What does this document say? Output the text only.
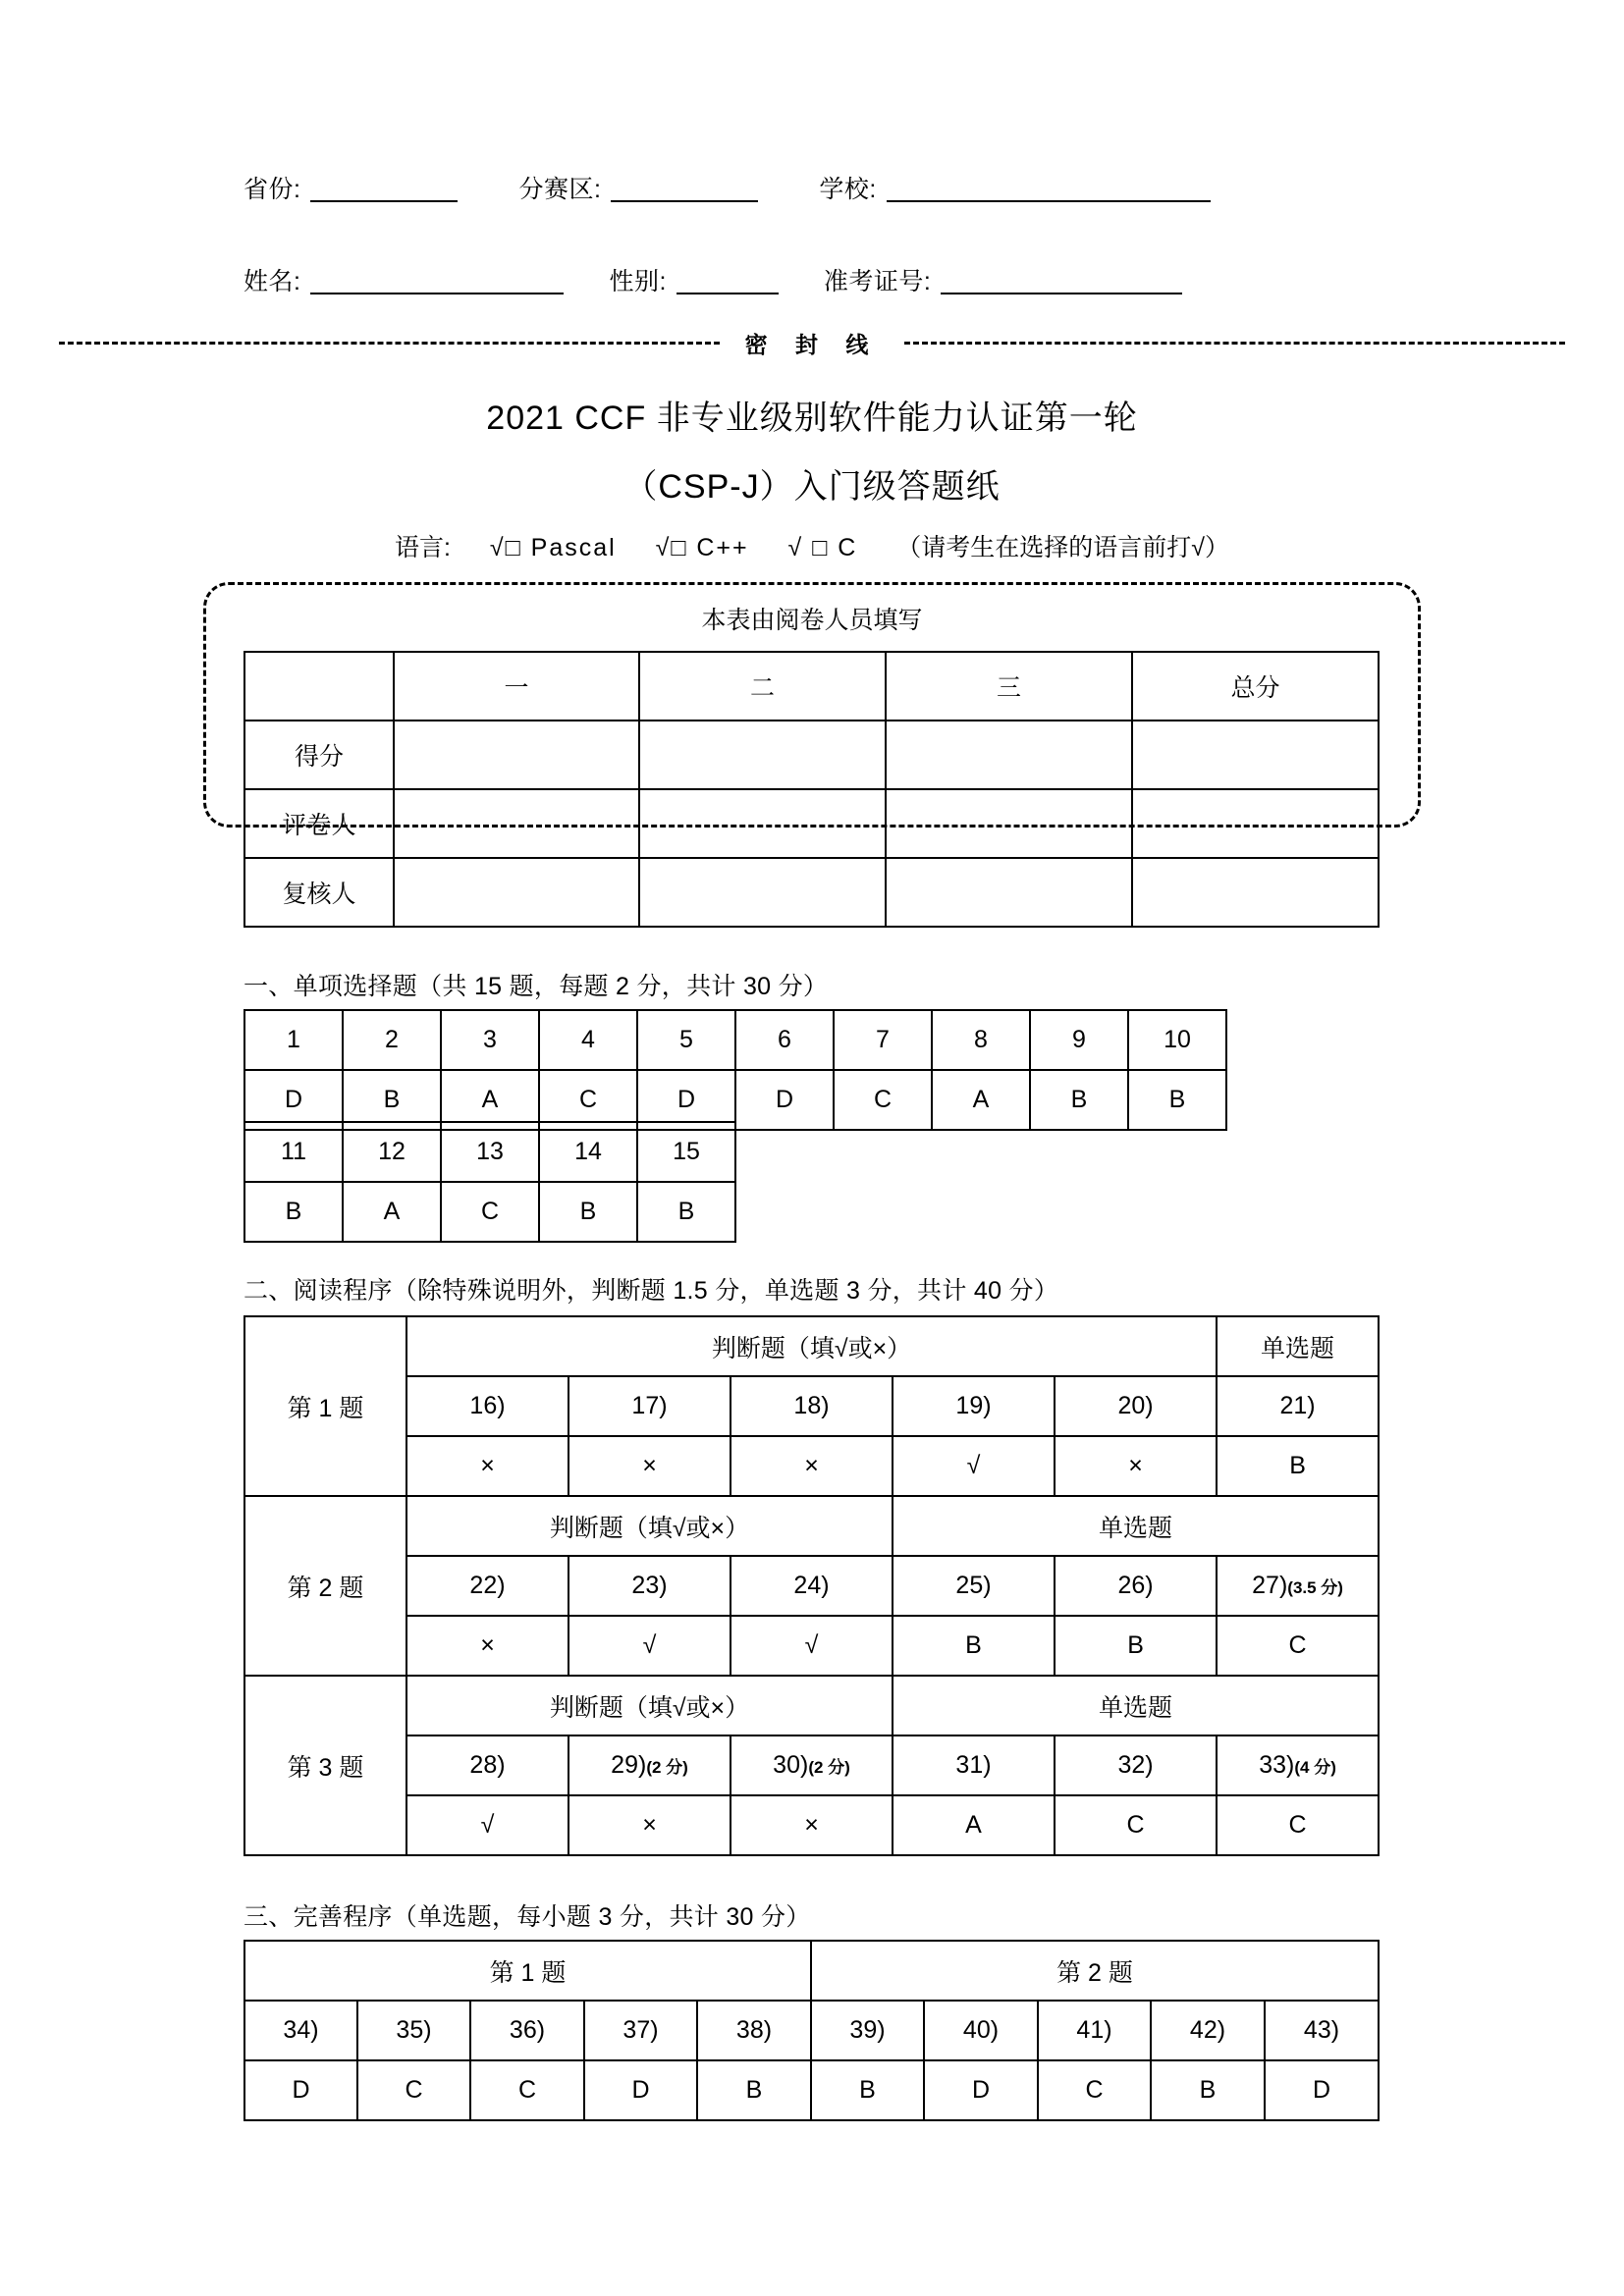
省份:	分赛区:	学校:
姓名:	性别:	准考证号:
密 封 线
2021 CCF 非专业级别软件能力认证第一轮
（CSP-J）入门级答题纸
语言: √□ Pascal √□ C++ √ □ C （请考生在选择的语言前打√）
本表由阅卷人员填写
	一	二	三	总分
得分				
评卷人				
复核人				
一、单项选择题（共 15 题，每题 2 分，共计 30 分）
1	2	3	4	5	6	7	8	9	10
D	B	A	C	D	D	C	A	B	B
11	12	13	14	15
B	A	C	B	B
二、阅读程序（除特殊说明外，判断题 1.5 分，单选题 3 分，共计 40 分）
第 1 题	判断题（填√或×）					单选题
	16)	17)	18)	19)	20)	21)
	×	×	×	√	×	B
第 2 题	判断题（填√或×）			单选题		
	22)	23)	24)	25)	26)	27)(3.5 分)
	×	√	√	B	B	C
第 3 题	判断题（填√或×）			单选题		
	28)	29)(2 分)	30)(2 分)	31)	32)	33)(4 分)
	√	×	×	A	C	C
三、完善程序（单选题，每小题 3 分，共计 30 分）
第 1 题					第 2 题				
34)	35)	36)	37)	38)	39)	40)	41)	42)	43)
D	C	C	D	B	B	D	C	B	D
